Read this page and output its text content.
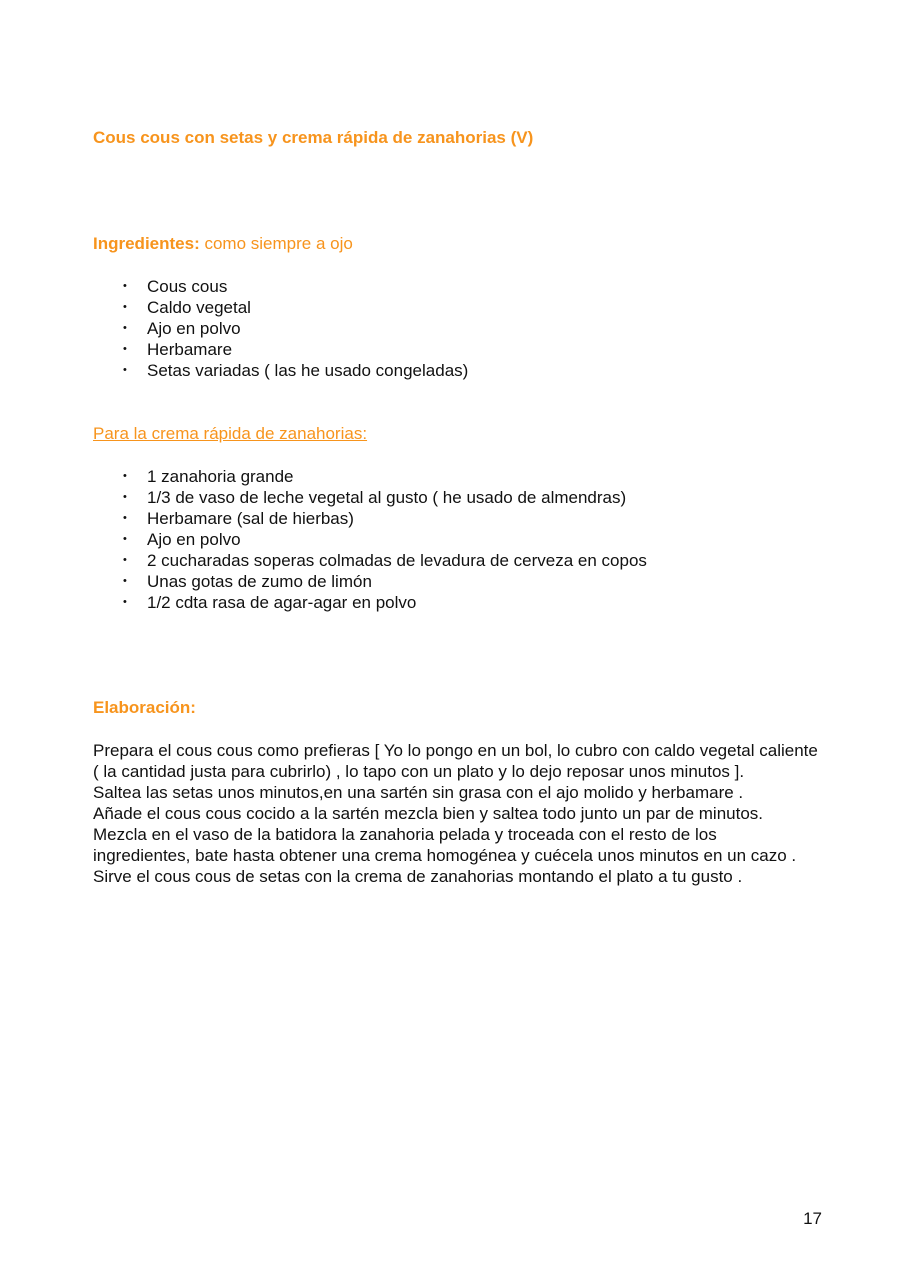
Cous cous con setas y crema rápida de zanahorias (V)

Ingredientes: como siempre a ojo

• Cous cous
• Caldo vegetal
• Ajo en polvo
• Herbamare
• Setas variadas ( las he usado congeladas)

Para la crema rápida de zanahorias:

• 1 zanahoria grande
• 1/3 de vaso de leche vegetal al gusto ( he usado de almendras)
• Herbamare (sal de hierbas)
• Ajo en polvo
• 2 cucharadas soperas colmadas de levadura de cerveza en copos
• Unas gotas de zumo de limón
• 1/2 cdta rasa de agar-agar en polvo

Elaboración:

Prepara el cous cous como prefieras [ Yo lo pongo en un bol, lo cubro con caldo vegetal caliente ( la cantidad justa para cubrirlo) , lo tapo con un plato y lo dejo reposar unos minutos ].

Saltea las setas unos minutos,en una sartén sin grasa con el ajo molido y herbamare .

Añade el cous cous cocido a la sartén mezcla bien y saltea todo junto un par de minutos.

Mezcla en el vaso de la batidora la zanahoria pelada y troceada con el resto de los ingredientes, bate hasta obtener una crema homogénea y cuécela unos minutos en un cazo .

Sirve el cous cous de setas con la crema de zanahorias montando el plato a tu gusto .

17
